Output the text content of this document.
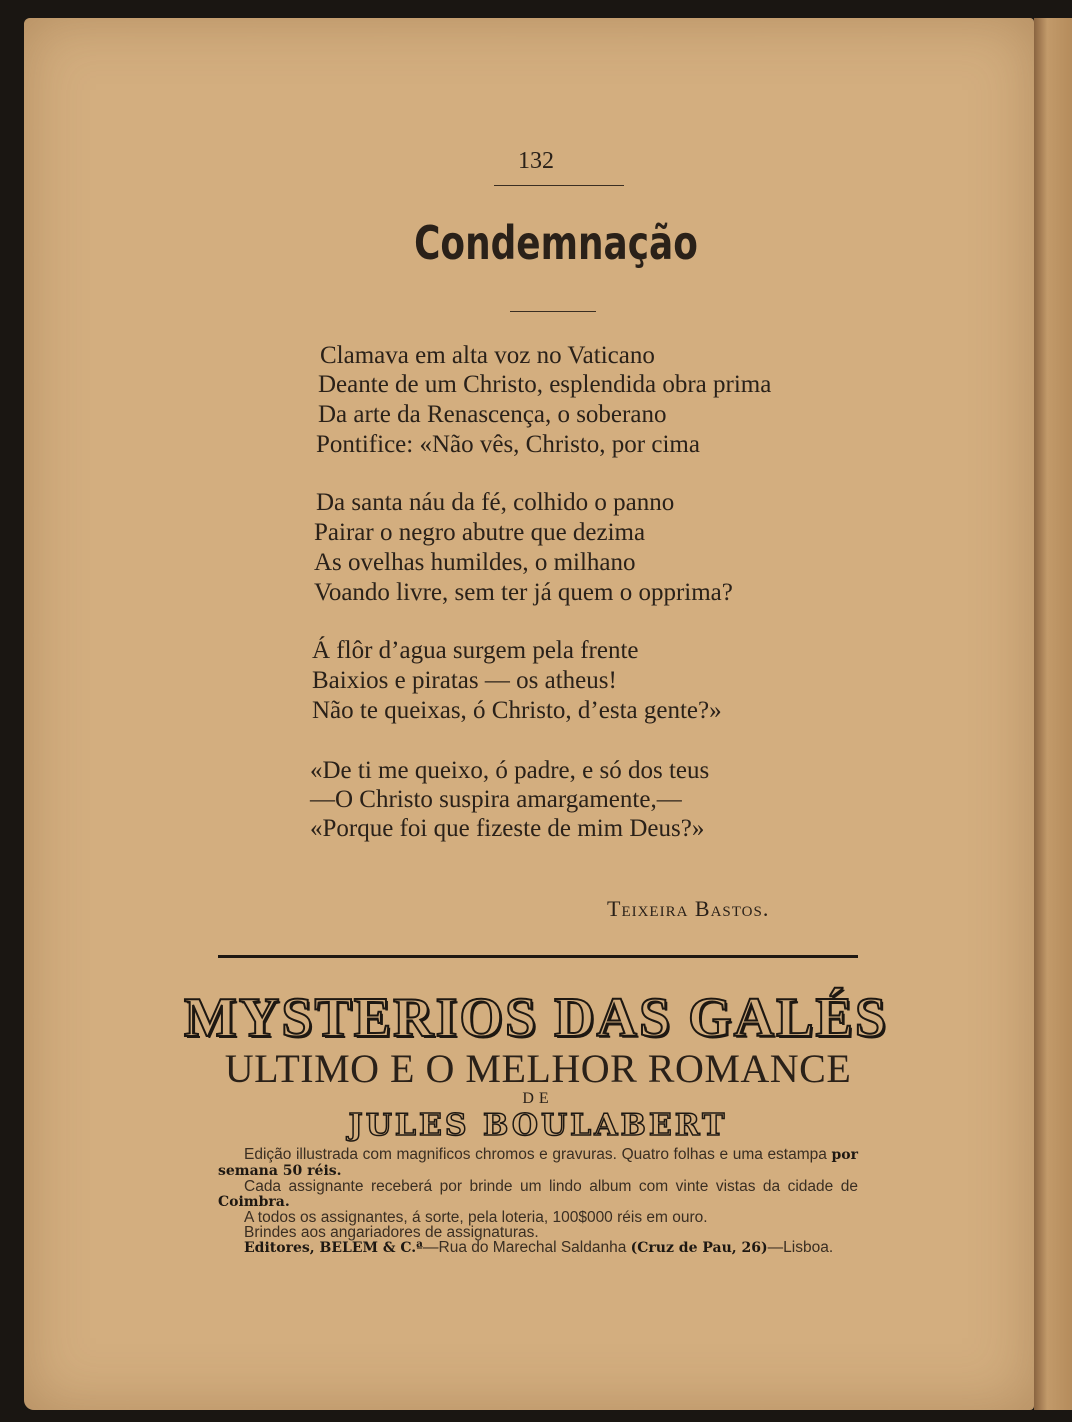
132
Condemnação
Clamava em alta voz no Vaticano
Deante de um Christo, esplendida obra prima
Da arte da Renascença, o soberano
Pontifice: «Não vês, Christo, por cima
Da santa náu da fé, colhido o panno
Pairar o negro abutre que dezima
As ovelhas humildes, o milhano
Voando livre, sem ter já quem o opprima?
Á flôr d’agua surgem pela frente
Baixios e piratas — os atheus!
Não te queixas, ó Christo, d’esta gente?»
«De ti me queixo, ó padre, e só dos teus
—O Christo suspira amargamente,—
«Porque foi que fizeste de mim Deus?»
Teixeira Bastos.
MYSTERIOS DAS GALÉS
ULTIMO E O MELHOR ROMANCE
DE
JULES BOULABERT

Edição illustrada com magnificos chromos e gravuras. Quatro folhas e uma estampa por semana 50 réis.

Cada assignante receberá por brinde um lindo album com vinte vistas da cidade de Coimbra.

A todos os assignantes, á sorte, pela loteria, 100$000 réis em ouro.

Brindes aos angariadores de assignaturas.

Editores, BELEM & C.ª—Rua do Marechal Saldanha (Cruz de Pau, 26)—Lisboa.
